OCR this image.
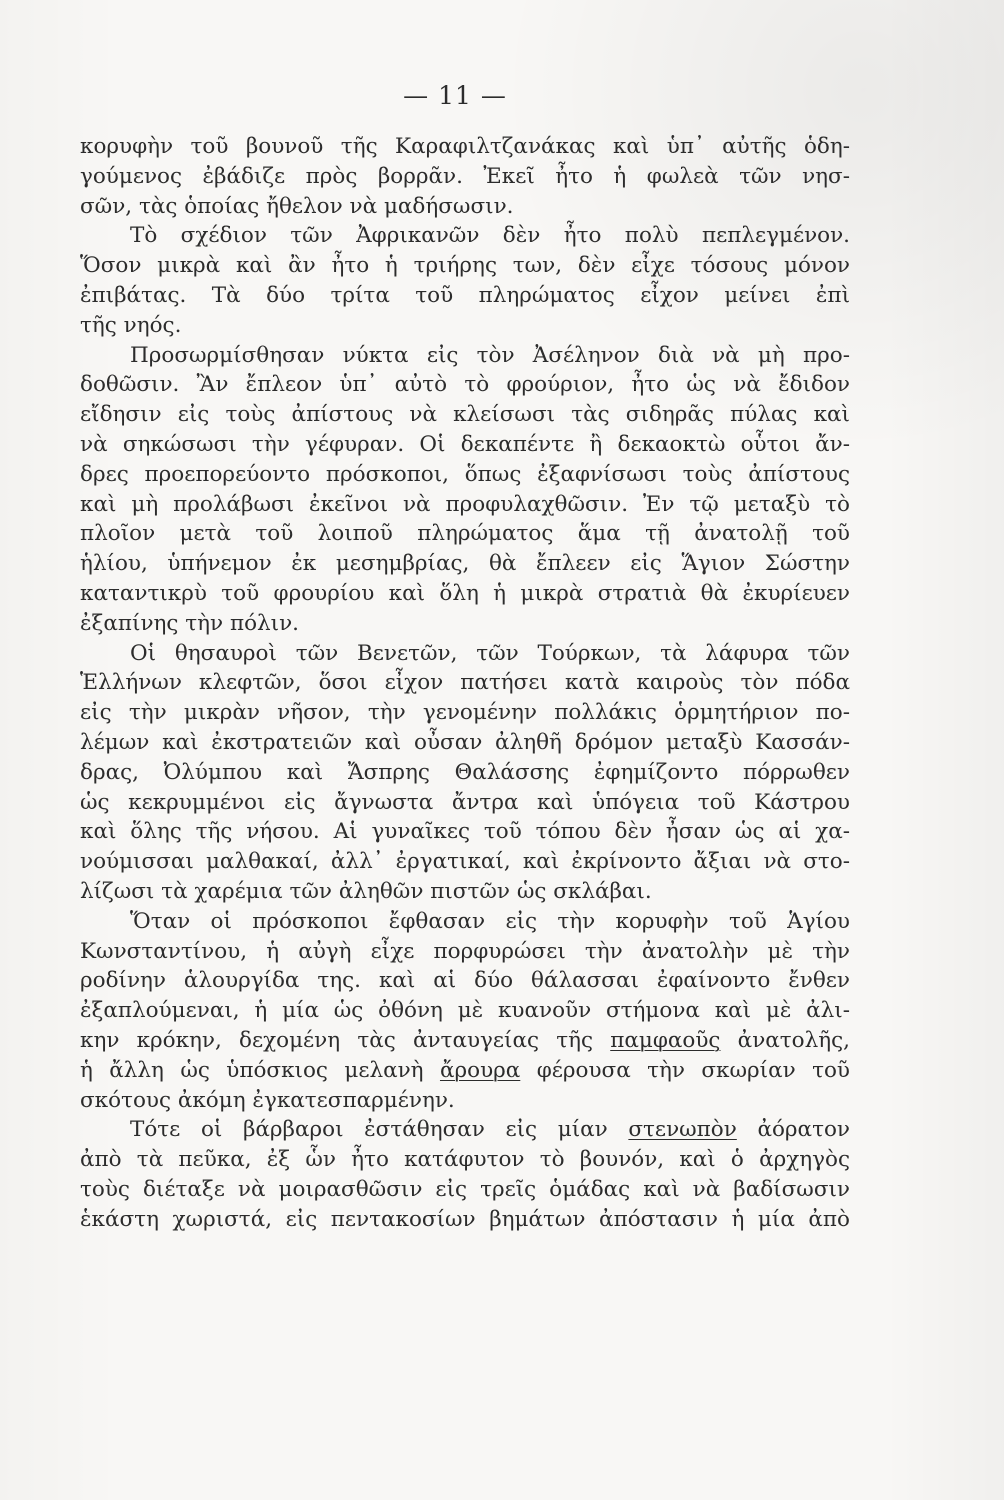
— 11 —
κορυφὴν τοῦ βουνοῦ τῆς Καραφιλτζανάκας καὶ ὑπ᾿ αὐτῆς ὁδη-
γούμενος ἐβάδιζε πρὸς βορρᾶν. Ἐκεῖ ἦτο ἡ φωλεὰ τῶν νησ-
σῶν, τὰς ὁποίας ἤθελον νὰ μαδήσωσιν.
Τὸ σχέδιον τῶν Ἀφρικανῶν δὲν ἦτο πολὺ πεπλεγμένον.
Ὅσον μικρὰ καὶ ἂν ἦτο ἡ τριήρης των, δὲν εἶχε τόσους μόνον
ἐπιβάτας. Τὰ δύο τρίτα τοῦ πληρώματος εἶχον μείνει ἐπὶ
τῆς νηός.
Προσωρμίσθησαν νύκτα εἰς τὸν Ἀσέληνον διὰ νὰ μὴ προ-
δοθῶσιν. Ἂν ἔπλεον ὑπ᾿ αὐτὸ τὸ φρούριον, ἦτο ὡς νὰ ἔδιδον
εἴδησιν εἰς τοὺς ἀπίστους νὰ κλείσωσι τὰς σιδηρᾶς πύλας καὶ
νὰ σηκώσωσι τὴν γέφυραν. Οἱ δεκαπέντε ἢ δεκαοκτὼ οὗτοι ἄν-
δρες προεπορεύοντο πρόσκοποι, ὅπως ἐξαφνίσωσι τοὺς ἀπίστους
καὶ μὴ προλάβωσι ἐκεῖνοι νὰ προφυλαχθῶσιν. Ἐν τῷ μεταξὺ τὸ
πλοῖον μετὰ τοῦ λοιποῦ πληρώματος ἅμα τῇ ἀνατολῇ τοῦ
ἡλίου, ὑπήνεμον ἐκ μεσημβρίας, θὰ ἔπλεεν εἰς Ἅγιον Σώστην
καταντικρὺ τοῦ φρουρίου καὶ ὅλη ἡ μικρὰ στρατιὰ θὰ ἐκυρίευεν
ἐξαπίνης τὴν πόλιν.
Οἱ θησαυροὶ τῶν Βενετῶν, τῶν Τούρκων, τὰ λάφυρα τῶν
Ἑλλήνων κλεφτῶν, ὅσοι εἶχον πατήσει κατὰ καιροὺς τὸν πόδα
εἰς τὴν μικρὰν νῆσον, τὴν γενομένην πολλάκις ὁρμητήριον πο-
λέμων καὶ ἐκστρατειῶν καὶ οὖσαν ἀληθῆ δρόμον μεταξὺ Κασσάν-
δρας, Ὀλύμπου καὶ Ἄσπρης Θαλάσσης ἐφημίζοντο πόρρωθεν
ὡς κεκρυμμένοι εἰς ἄγνωστα ἄντρα καὶ ὑπόγεια τοῦ Κάστρου
καὶ ὅλης τῆς νήσου. Αἱ γυναῖκες τοῦ τόπου δὲν ἦσαν ὡς αἱ χα-
νούμισσαι μαλθακαί, ἀλλ᾿ ἐργατικαί, καὶ ἐκρίνοντο ἄξιαι νὰ στο-
λίζωσι τὰ χαρέμια τῶν ἀληθῶν πιστῶν ὡς σκλάβαι.
Ὅταν οἱ πρόσκοποι ἔφθασαν εἰς τὴν κορυφὴν τοῦ Ἁγίου
Κωνσταντίνου, ἡ αὐγὴ εἶχε πορφυρώσει τὴν ἀνατολὴν μὲ τὴν
ροδίνην ἁλουργίδα της. καὶ αἱ δύο θάλασσαι ἐφαίνοντο ἔνθεν
ἐξαπλούμεναι, ἡ μία ὡς ὀθόνη μὲ κυανοῦν στήμονα καὶ μὲ ἀλι-
κην κρόκην, δεχομένη τὰς ἀνταυγείας τῆς παμφαοῦς ἀνατολῆς,
ἡ ἄλλη ὡς ὑπόσκιος μελανὴ ἄρουρα φέρουσα τὴν σκωρίαν τοῦ
σκότους ἀκόμη ἐγκατεσπαρμένην.
Τότε οἱ βάρβαροι ἐστάθησαν εἰς μίαν στενωπὸν ἀόρατον
ἀπὸ τὰ πεῦκα, ἐξ ὧν ἦτο κατάφυτον τὸ βουνόν, καὶ ὁ ἀρχηγὸς
τοὺς διέταξε νὰ μοιρασθῶσιν εἰς τρεῖς ὁμάδας καὶ νὰ βαδίσωσιν
ἑκάστη χωριστά, εἰς πεντακοσίων βημάτων ἀπόστασιν ἡ μία ἀπὸ
